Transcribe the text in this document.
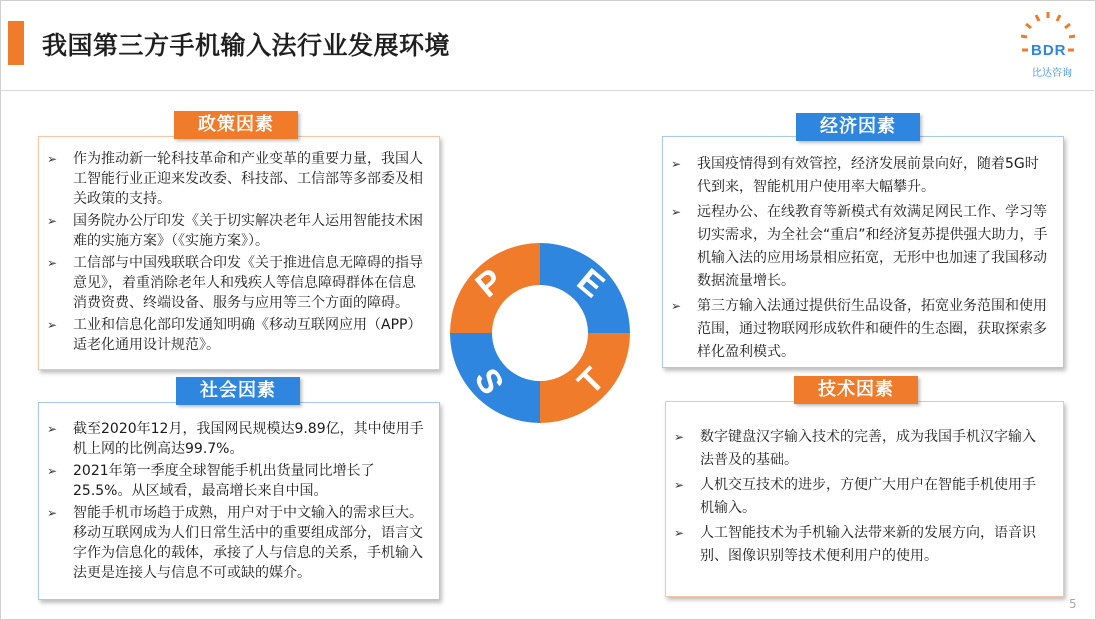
我国第三方手机输入法行业发展环境	BDR
比达咨询
➢ 作为推动新一轮科技革命和产业变革的重要力量，我国人工智能行业正迎来发改委、科技部、工信部等多部委及相关政策的支持。
➢ 国务院办公厅印发《关于切实解决老年人运用智能技术困难的实施方案》（《实施方案》）。
➢ 工信部与中国残联联合印发《关于推进信息无障碍的指导意见》，着重消除老年人和残疾人等信息障碍群体在信息消费资费、终端设备、服务与应用等三个方面的障碍。
➢ 工业和信息化部印发通知明确《移动互联网应用（APP）适老化通用设计规范》。
政策因素
➢ 我国疫情得到有效管控，经济发展前景向好，随着5G时代到来，智能机用户使用率大幅攀升。
➢ 远程办公、在线教育等新模式有效满足网民工作、学习等切实需求，为全社会“重启”和经济复苏提供强大助力，手机输入法的应用场景相应拓宽，无形中也加速了我国移动数据流量增长。
➢ 第三方输入法通过提供衍生品设备，拓宽业务范围和使用范围，通过物联网形成软件和硬件的生态圈，获取探索多样化盈利模式。
经济因素
➢ 截至2020年12月，我国网民规模达9.89亿，其中使用手机上网的比例高达99.7%。
➢ 2021年第一季度全球智能手机出货量同比增长了25.5%。从区域看，最高增长来自中国。
➢ 智能手机市场趋于成熟，用户对于中文输入的需求巨大。移动互联网成为人们日常生活中的重要组成部分，语言文字作为信息化的载体，承接了人与信息的关系，手机输入法更是连接人与信息不可或缺的媒介。
社会因素
➢ 数字键盘汉字输入技术的完善，成为我国手机汉字输入法普及的基础。
➢ 人机交互技术的进步，方便广大用户在智能手机使用手机输入。
➢ 人工智能技术为手机输入法带来新的发展方向，语音识别、图像识别等技术便利用户的使用。
技术因素
P E
S T
5
